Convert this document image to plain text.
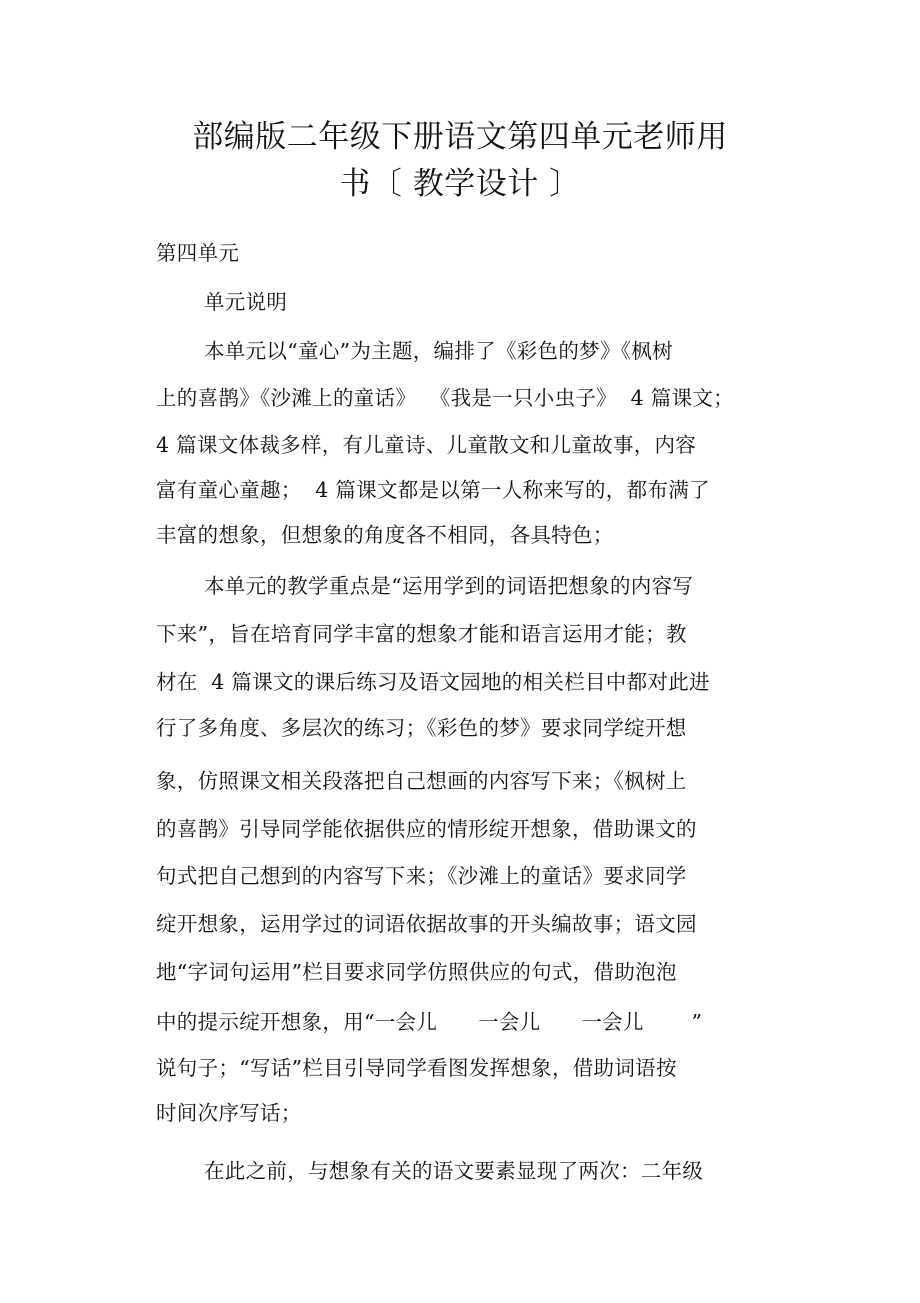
部编版二年级下册语文第四单元老师用
书〔 教学设计 〕
第四单元
单元说明
本单元以“童心”为主题，编排了《彩色的梦》《枫树
上的喜鹊》《沙滩上的童话》  《我是一只小虫子》  4 篇课文；
4 篇课文体裁多样，有儿童诗、儿童散文和儿童故事，内容
富有童心童趣；  4 篇课文都是以第一人称来写的，都布满了
丰富的想象，但想象的角度各不相同，各具特色；
本单元的教学重点是“运用学到的词语把想象的内容写
下来”，旨在培育同学丰富的想象才能和语言运用才能；教
材在  4 篇课文的课后练习及语文园地的相关栏目中都对此进
行了多角度、多层次的练习；《彩色的梦》要求同学绽开想
象，仿照课文相关段落把自己想画的内容写下来；《枫树上
的喜鹊》引导同学能依据供应的情形绽开想象，借助课文的
句式把自己想到的内容写下来；《沙滩上的童话》要求同学
绽开想象，运用学过的词语依据故事的开头编故事；语文园
地“字词句运用”栏目要求同学仿照供应的句式，借助泡泡
中的提示绽开想象，用“一会儿      一会儿      一会儿       ”
说句子；“写话”栏目引导同学看图发挥想象，借助词语按
时间次序写话；
在此之前，与想象有关的语文要素显现了两次：二年级
